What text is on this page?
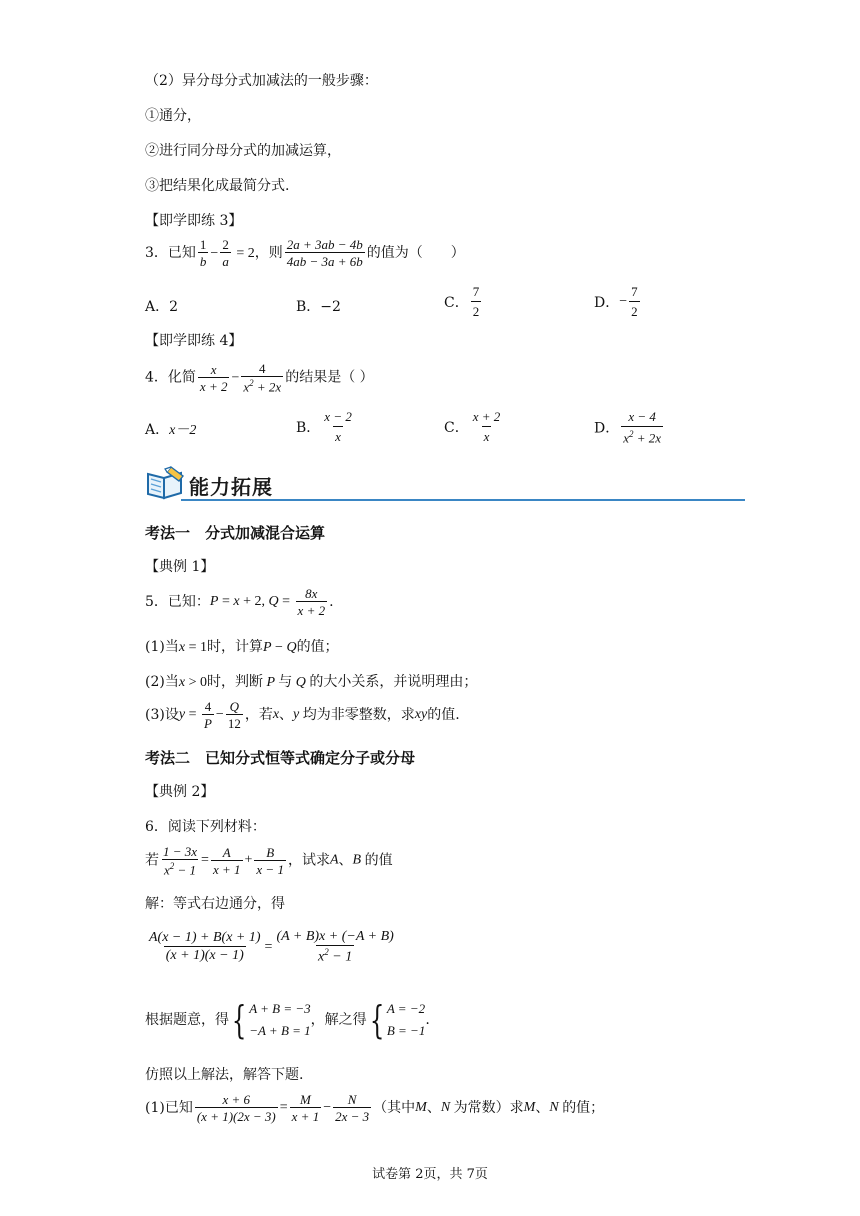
（2）异分母分式加减法的一般步骤：
①通分，
②进行同分母分式的加减运算，
③把结果化成最简分式.
【即学即练 3】
3．已知 $\frac{1}{b} - \frac{2}{a} = 2$，则 $\frac{2a + 3ab - 4b}{4ab - 3a + 6b}$ 的值为（　　）
A．2	B．−2	C． $\frac{7}{2}$	D．− $\frac{7}{2}$
【即学即练 4】
4．化简 $\frac{x}{x + 2} - \frac{4}{x^2 + 2x}$ 的结果是（ ）
A．x－2	B． $\frac{x - 2}{x}$	C． $\frac{x + 2}{x}$	D． $\frac{x - 4}{x^2 + 2x}$
能力拓展
考法一　分式加减混合运算
【典例 1】
5．已知：P = x + 2, $Q = \frac{8x}{x + 2}$ .
(1)当x = 1时，计算P − Q的值；
(2)当x > 0时，判断 P 与 Q 的大小关系，并说明理由；
(3)设$y = \frac{4}{P} - \frac{Q}{12}$ ，若x、y 均为非零整数，求xy的值.
考法二　已知分式恒等式确定分子或分母
【典例 2】
6．阅读下列材料：
若 $\frac{1 - 3x}{x^2 - 1} = \frac{A}{x + 1} + \frac{B}{x - 1}$ ，试求A、B 的值
解：等式右边通分，得
$\frac{A(x - 1) + B(x + 1)}{(x + 1)(x - 1)} = \frac{(A + B)x + (-A + B)}{x^2 - 1}$
根据题意，得{ A + B = −3
−A + B = 1
，解之得{ A = −2
B = −1
.
仿照以上解法，解答下题.
(1)已知 $\frac{x + 6}{(x + 1)(2x - 3)} = \frac{M}{x + 1} - \frac{N}{2x - 3}$ （其中M、N 为常数）求M、N 的值；
试卷第 2页，共 7页
